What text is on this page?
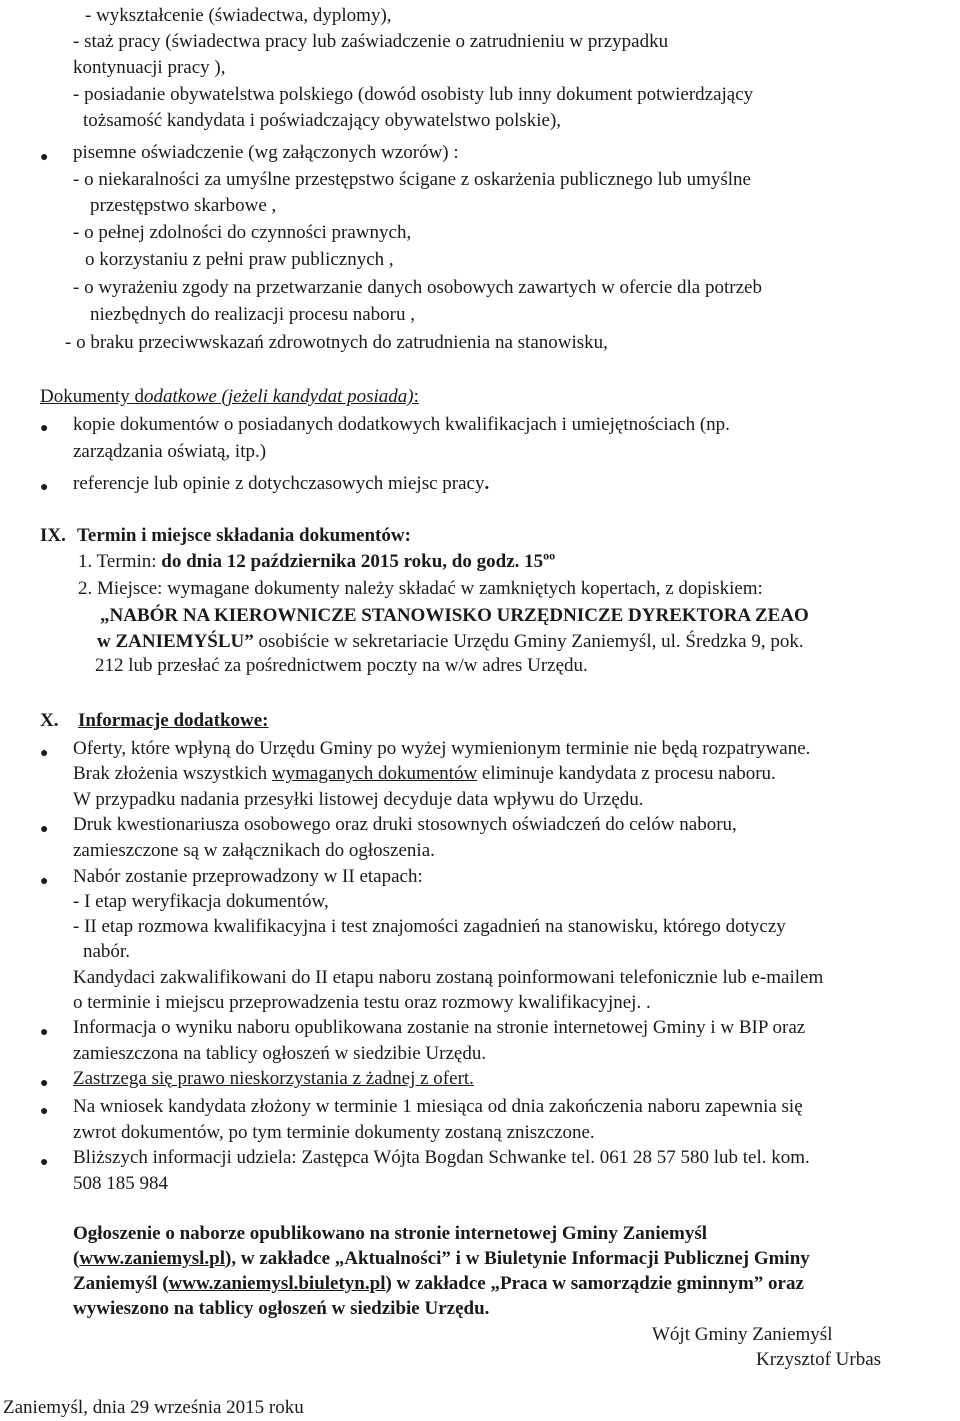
- wykształcenie (świadectwa, dyplomy),
- staż pracy (świadectwa pracy lub zaświadczenie o zatrudnieniu w przypadku
kontynuacji pracy ),
- posiadanie obywatelstwa polskiego (dowód osobisty lub inny dokument potwierdzający
tożsamość kandydata i poświadczający obywatelstwo polskie),
● pisemne oświadczenie (wg załączonych wzorów) :
- o niekaralności za umyślne przestępstwo ścigane z oskarżenia publicznego lub umyślne
przestępstwo skarbowe ,
- o pełnej zdolności do czynności prawnych,
o korzystaniu z pełni praw publicznych ,
- o wyrażeniu zgody na przetwarzanie danych osobowych zawartych w ofercie dla potrzeb
niezbędnych do realizacji procesu naboru ,
- o braku przeciwwskazań zdrowotnych do zatrudnienia na stanowisku,
Dokumenty dodatkowe (jeżeli kandydat posiada):
● kopie dokumentów o posiadanych dodatkowych kwalifikacjach i umiejętnościach (np.
zarządzania oświatą, itp.)
● referencje lub opinie z dotychczasowych miejsc pracy.
IX. Termin i miejsce składania dokumentów:
1. Termin: do dnia 12 października 2015 roku, do godz. $15^{oo}$
2. Miejsce: wymagane dokumenty należy składać w zamkniętych kopertach, z dopiskiem:
„NABÓR NA KIEROWNICZE STANOWISKO URZĘDNICZE DYREKTORA ZEAO
w ZANIEMYŚLU” osobiście w sekretariacie Urzędu Gminy Zaniemyśl, ul. Średzka 9, pok.
212 lub przesłać za pośrednictwem poczty na w/w adres Urzędu.
X. Informacje dodatkowe:
● Oferty, które wpłyną do Urzędu Gminy po wyżej wymienionym terminie nie będą rozpatrywane.
Brak złożenia wszystkich wymaganych dokumentów eliminuje kandydata z procesu naboru.
W przypadku nadania przesyłki listowej decyduje data wpływu do Urzędu.
● Druk kwestionariusza osobowego oraz druki stosownych oświadczeń do celów naboru,
zamieszczone są w załącznikach do ogłoszenia.
● Nabór zostanie przeprowadzony w II etapach:
- I etap weryfikacja dokumentów,
- II etap rozmowa kwalifikacyjna i test znajomości zagadnień na stanowisku, którego dotyczy
nabór.
Kandydaci zakwalifikowani do II etapu naboru zostaną poinformowani telefonicznie lub e-mailem
o terminie i miejscu przeprowadzenia testu oraz rozmowy kwalifikacyjnej. .
● Informacja o wyniku naboru opublikowana zostanie na stronie internetowej Gminy i w BIP oraz
zamieszczona na tablicy ogłoszeń w siedzibie Urzędu.
● Zastrzega się prawo nieskorzystania z żadnej z ofert.
● Na wniosek kandydata złożony w terminie 1 miesiąca od dnia zakończenia naboru zapewnia się
zwrot dokumentów, po tym terminie dokumenty zostaną zniszczone.
● Bliższych informacji udziela: Zastępca Wójta Bogdan Schwanke tel. 061 28 57 580 lub tel. kom.
508 185 984
Ogłoszenie o naborze opublikowano na stronie internetowej Gminy Zaniemyśl
(www.zaniemysl.pl), w zakładce „Aktualności” i w Biuletynie Informacji Publicznej Gminy
Zaniemyśl (www.zaniemysl.biuletyn.pl) w zakładce „Praca w samorządzie gminnym” oraz
wywieszono na tablicy ogłoszeń w siedzibie Urzędu.
Wójt Gminy Zaniemyśl
Krzysztof Urbas
Zaniemyśl, dnia 29 września 2015 roku
